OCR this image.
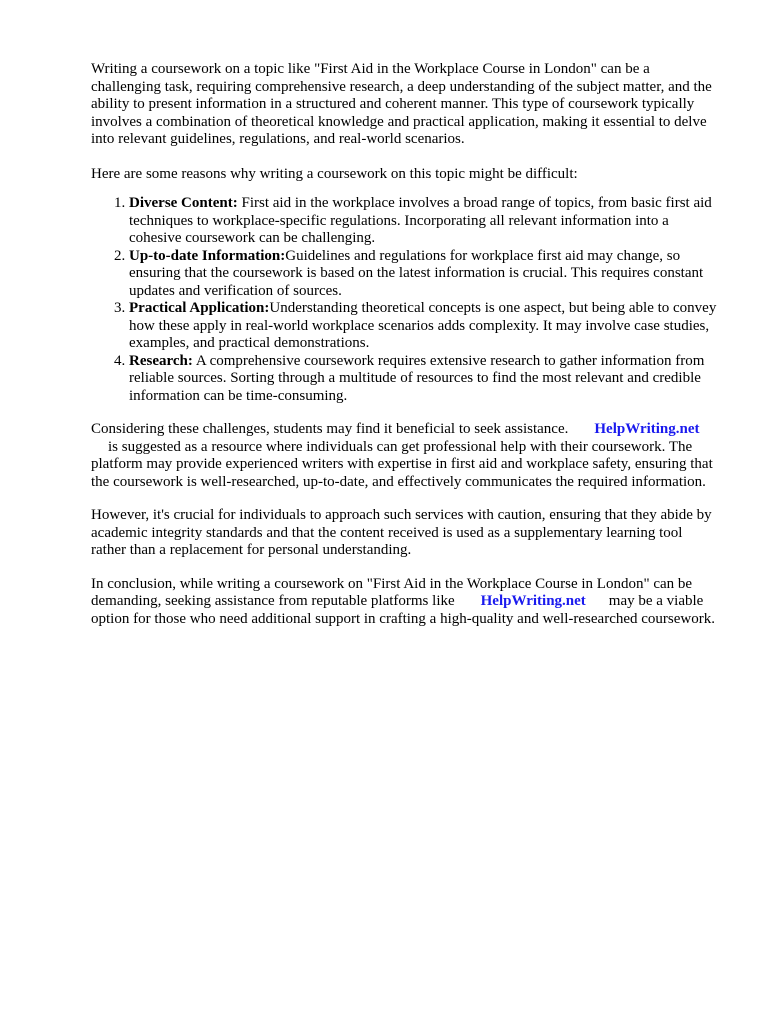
Writing a coursework on a topic like "First Aid in the Workplace Course in London" can be a challenging task, requiring comprehensive research, a deep understanding of the subject matter, and the ability to present information in a structured and coherent manner. This type of coursework typically involves a combination of theoretical knowledge and practical application, making it essential to delve into relevant guidelines, regulations, and real-world scenarios.

Here are some reasons why writing a coursework on this topic might be difficult:

1. Diverse Content: First aid in the workplace involves a broad range of topics, from basic first aid techniques to workplace-specific regulations. Incorporating all relevant information into a cohesive coursework can be challenging.
2. Up-to-date Information:Guidelines and regulations for workplace first aid may change, so ensuring that the coursework is based on the latest information is crucial. This requires constant updates and verification of sources.
3. Practical Application:Understanding theoretical concepts is one aspect, but being able to convey how these apply in real-world workplace scenarios adds complexity. It may involve case studies, examples, and practical demonstrations.
4. Research: A comprehensive coursework requires extensive research to gather information from reliable sources. Sorting through a multitude of resources to find the most relevant and credible information can be time-consuming.

Considering these challenges, students may find it beneficial to seek assistance. HelpWriting.net
is suggested as a resource where individuals can get professional help with their coursework. The platform may provide experienced writers with expertise in first aid and workplace safety, ensuring that the coursework is well-researched, up-to-date, and effectively communicates the required information.

However, it's crucial for individuals to approach such services with caution, ensuring that they abide by academic integrity standards and that the content received is used as a supplementary learning tool rather than a replacement for personal understanding.

In conclusion, while writing a coursework on "First Aid in the Workplace Course in London" can be demanding, seeking assistance from reputable platforms like HelpWriting.net may be a viable option for those who need additional support in crafting a high-quality and well-researched coursework.
